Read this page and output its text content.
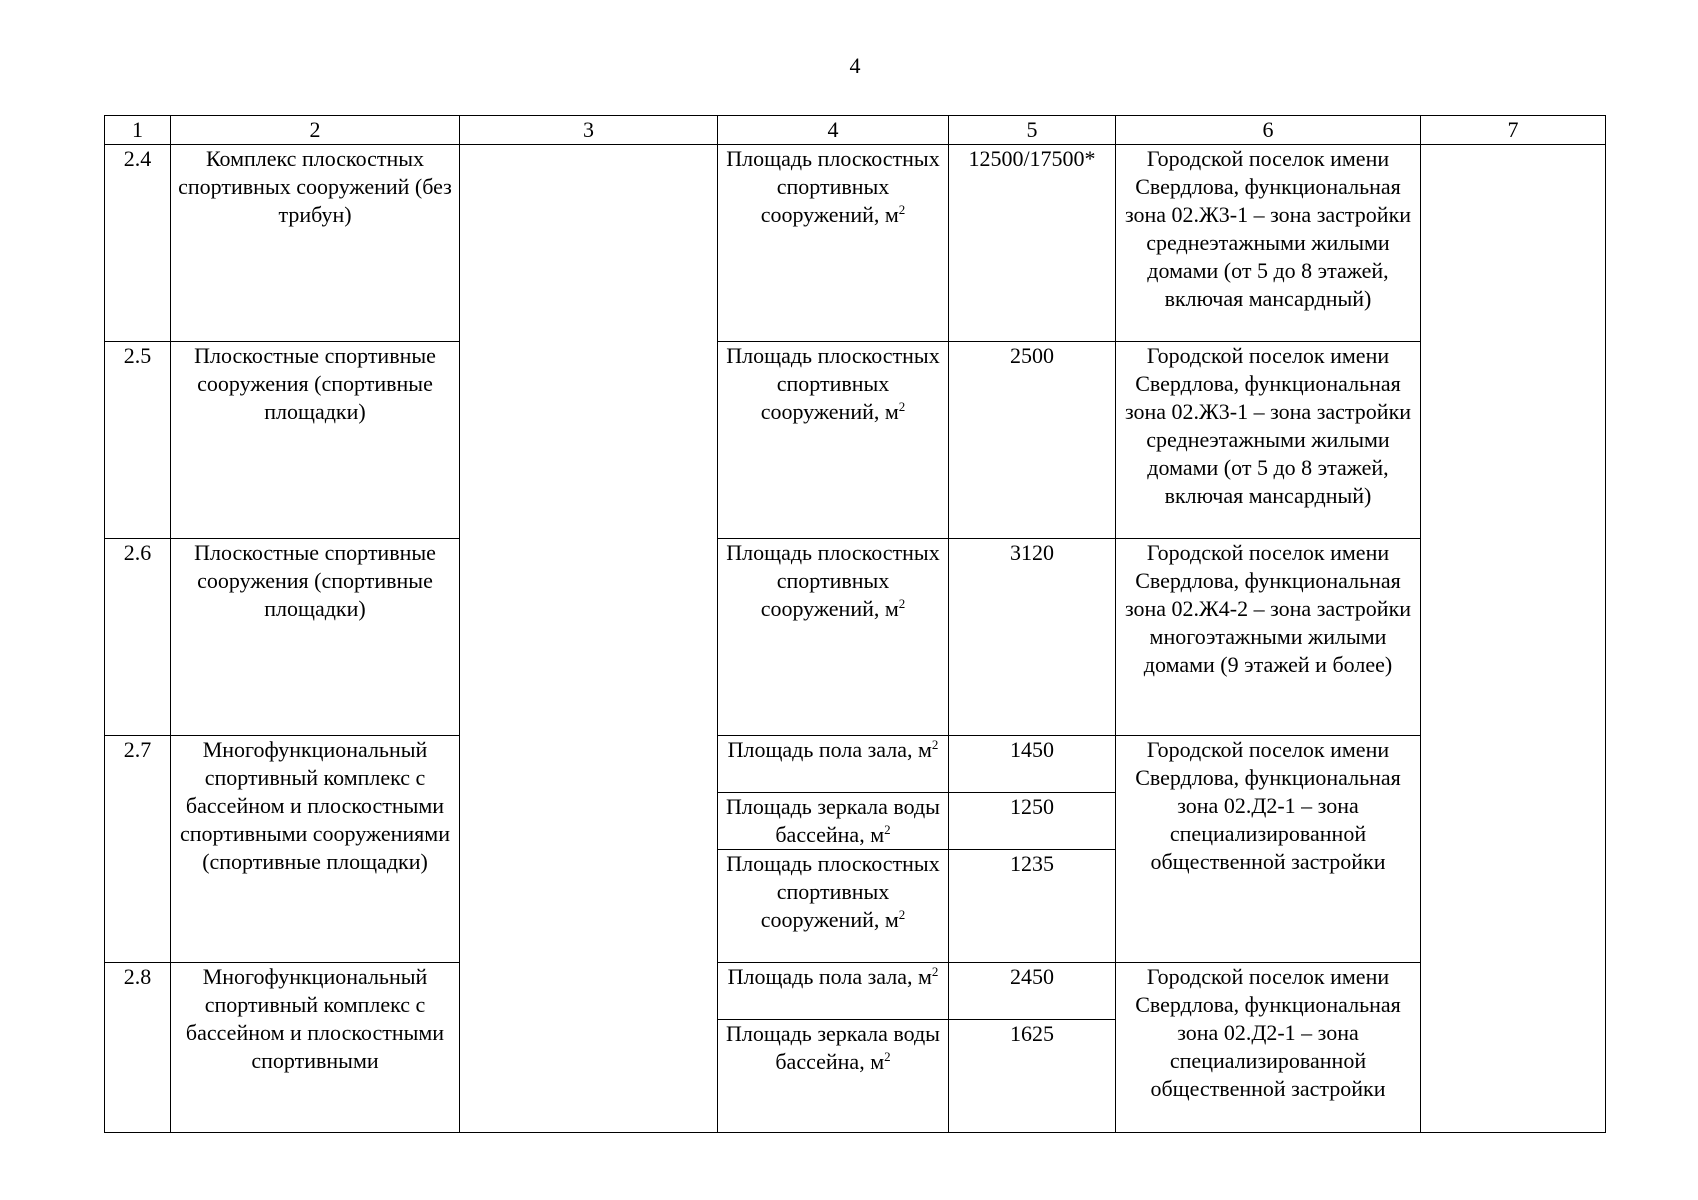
4
1	2	3	4	5	6	7
2.4	Комплекс плоскостных спортивных сооружений (без трибун)		Площадь плоскостных спортивных сооружений, $м^2$	12500/17500*	Городской поселок имени Свердлова, функциональная зона 02.Ж3-1 – зона застройки среднеэтажными жилыми домами (от 5 до 8 этажей, включая мансардный)	
2.5	Плоскостные спортивные сооружения (спортивные площадки)		Площадь плоскостных спортивных сооружений, $м^2$	2500	Городской поселок имени Свердлова, функциональная зона 02.Ж3-1 – зона застройки среднеэтажными жилыми домами (от 5 до 8 этажей, включая мансардный)	
2.6	Плоскостные спортивные сооружения (спортивные площадки)		Площадь плоскостных спортивных сооружений, $м^2$	3120	Городской поселок имени Свердлова, функциональная зона 02.Ж4-2 – зона застройки многоэтажными жилыми домами (9 этажей и более)	
2.7	Многофункциональный спортивный комплекс с бассейном и плоскостными спортивными сооружениями (спортивные площадки)		Площадь пола зала, $м^2$	1450	Городской поселок имени Свердлова, функциональная зона 02.Д2-1 – зона специализированной общественной застройки	
			Площадь зеркала воды бассейна, $м^2$	1250		
			Площадь плоскостных спортивных сооружений, $м^2$	1235		
2.8	Многофункциональный спортивный комплекс с бассейном и плоскостными спортивными		Площадь пола зала, $м^2$	2450	Городской поселок имени Свердлова, функциональная зона 02.Д2-1 – зона специализированной общественной застройки	
			Площадь зеркала воды бассейна, $м^2$	1625		
